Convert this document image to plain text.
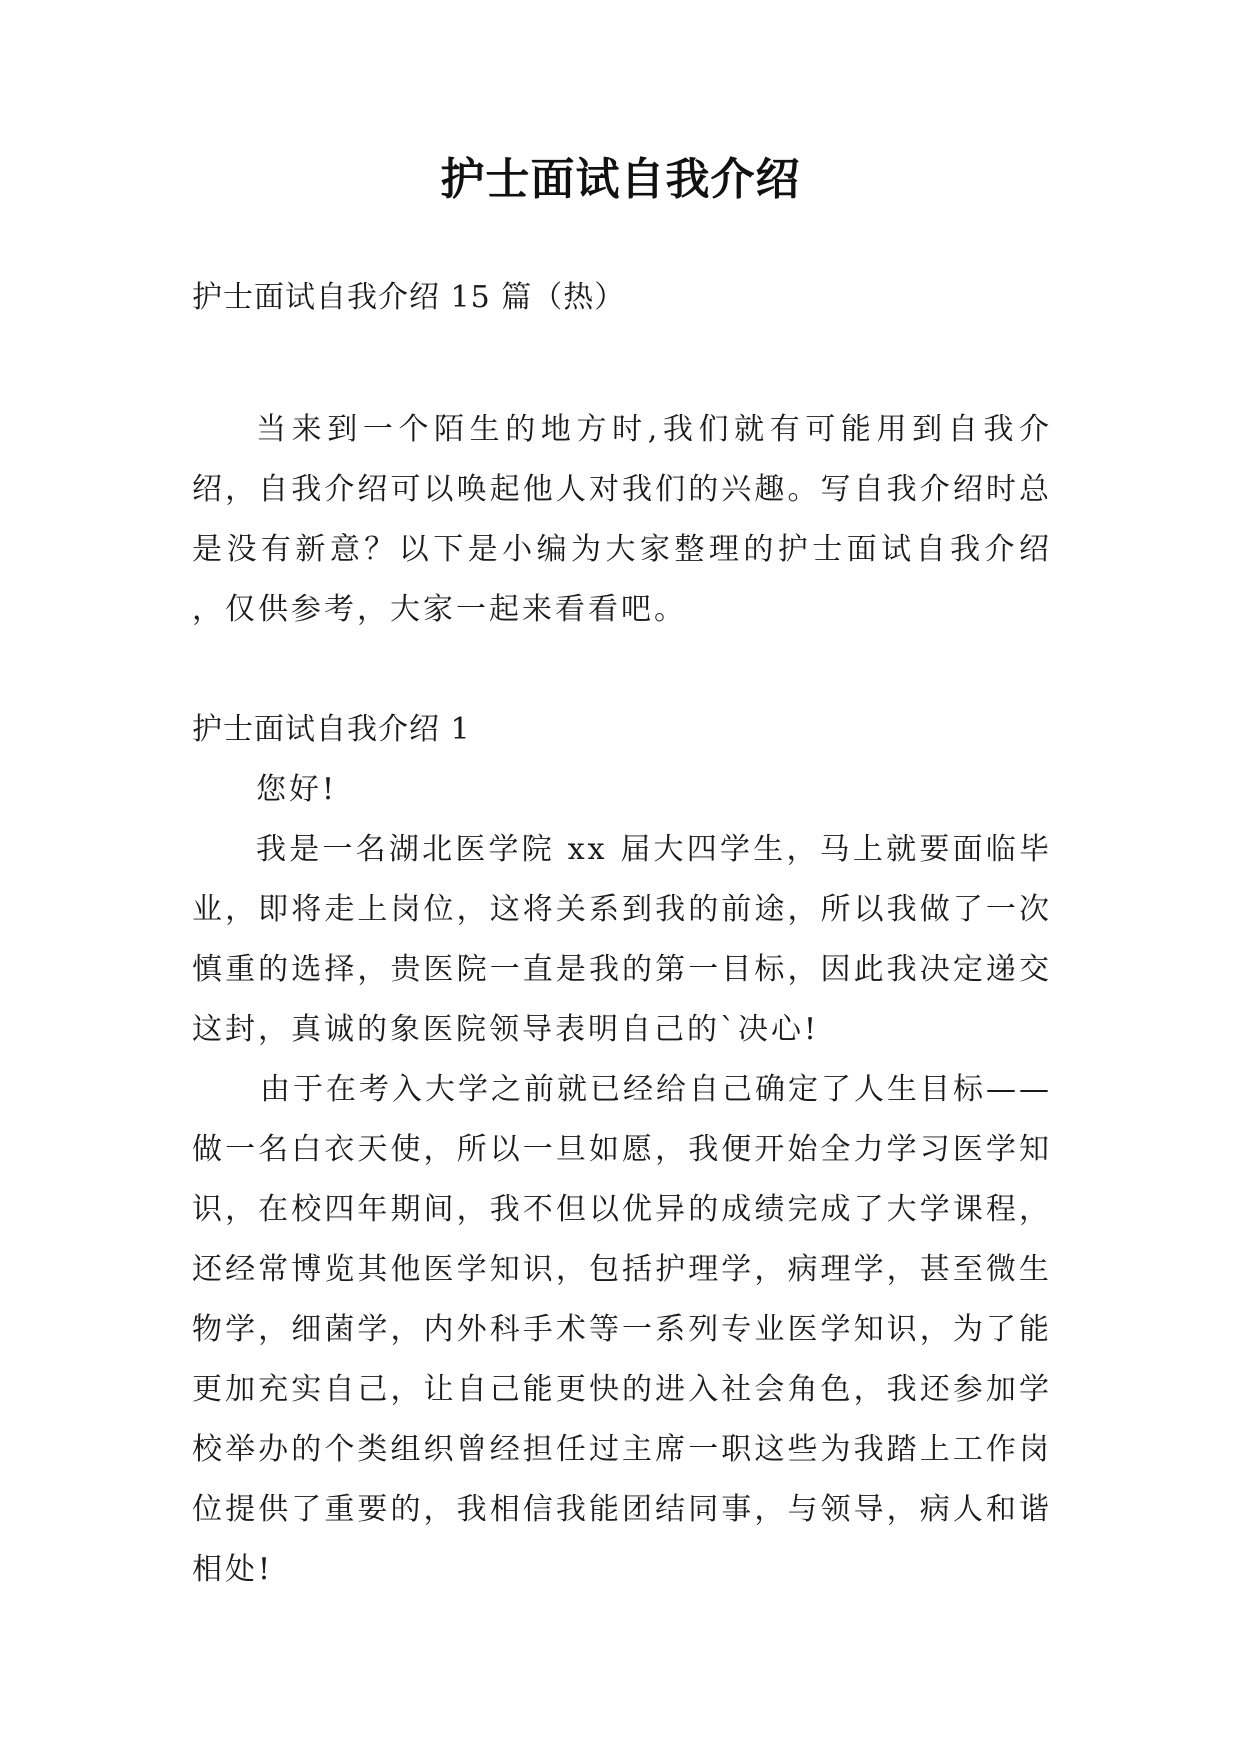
护士面试自我介绍
护士面试自我介绍 15 篇（热）
当来到一个陌生的地方时,我们就有可能用到自我介绍，自我介绍可以唤起他人对我们的兴趣。写自我介绍时总是没有新意？以下是小编为大家整理的护士面试自我介绍 ，仅供参考，大家一起来看看吧。
护士面试自我介绍 1
您好!
我是一名湖北医学院 xx 届大四学生，马上就要面临毕业，即将走上岗位，这将关系到我的前途，所以我做了一次慎重的选择，贵医院一直是我的第一目标，因此我决定递交这封，真诚的象医院领导表明自己的`决心!
由于在考入大学之前就已经给自己确定了人生目标——做一名白衣天使，所以一旦如愿，我便开始全力学习医学知识，在校四年期间，我不但以优异的成绩完成了大学课程，还经常博览其他医学知识，包括护理学，病理学，甚至微生物学，细菌学，内外科手术等一系列专业医学知识，为了能更加充实自己，让自己能更快的进入社会角色，我还参加学校举办的个类组织曾经担任过主席一职这些为我踏上工作岗位提供了重要的，我相信我能团结同事，与领导，病人和谐相处!
